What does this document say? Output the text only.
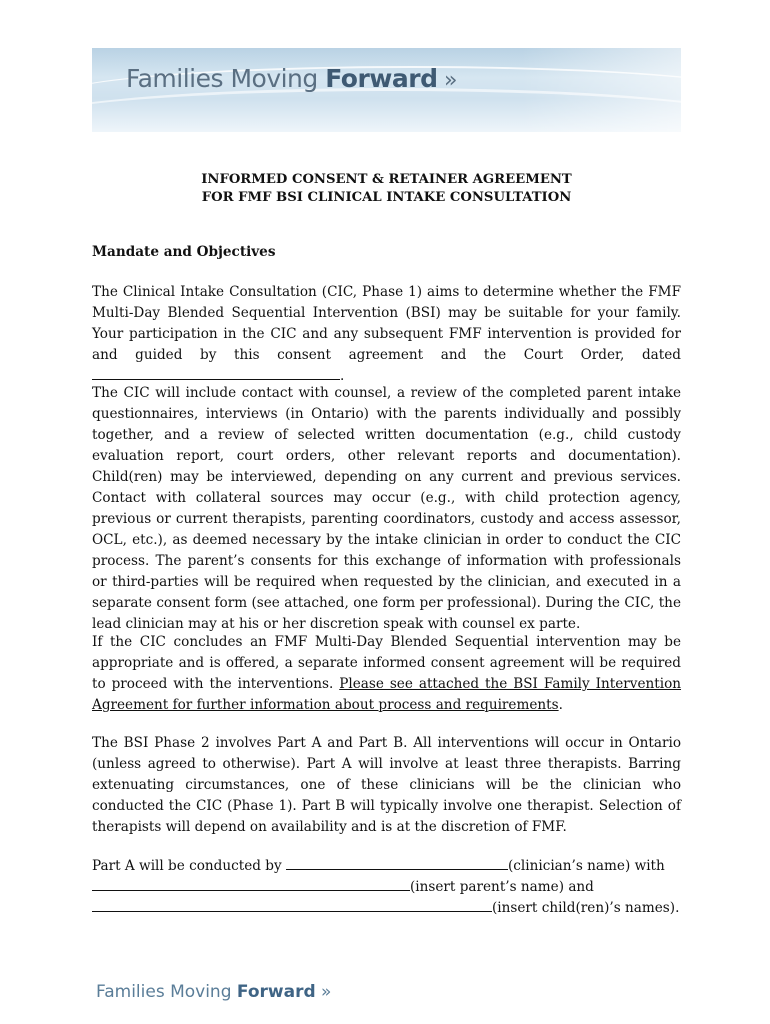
Families Moving Forward »
INFORMED CONSENT & RETAINER AGREEMENT
FOR FMF BSI CLINICAL INTAKE CONSULTATION
Mandate and Objectives
The Clinical Intake Consultation (CIC, Phase 1) aims to determine whether the FMF Multi-Day Blended Sequential Intervention (BSI) may be suitable for your family. Your participation in the CIC and any subsequent FMF intervention is provided for and guided by this consent agreement and the Court Order, dated .
The CIC will include contact with counsel, a review of the completed parent intake questionnaires, interviews (in Ontario) with the parents individually and possibly together, and a review of selected written documentation (e.g., child custody evaluation report, court orders, other relevant reports and documentation). Child(ren) may be interviewed, depending on any current and previous services. Contact with collateral sources may occur (e.g., with child protection agency, previous or current therapists, parenting coordinators, custody and access assessor, OCL, etc.), as deemed necessary by the intake clinician in order to conduct the CIC process. The parent’s consents for this exchange of information with professionals or third-parties will be required when requested by the clinician, and executed in a separate consent form (see attached, one form per professional). During the CIC, the lead clinician may at his or her discretion speak with counsel ex parte.
If the CIC concludes an FMF Multi-Day Blended Sequential intervention may be appropriate and is offered, a separate informed consent agreement will be required to proceed with the interventions. Please see attached the BSI Family Intervention Agreement for further information about process and requirements.
The BSI Phase 2 involves Part A and Part B. All interventions will occur in Ontario (unless agreed to otherwise). Part A will involve at least three therapists. Barring extenuating circumstances, one of these clinicians will be the clinician who conducted the CIC (Phase 1). Part B will typically involve one therapist. Selection of therapists will depend on availability and is at the discretion of FMF.
Part A will be conducted by
	(clinician’s name) with
(insert parent’s name) and
(insert child(ren)’s names).
Families Moving Forward »
